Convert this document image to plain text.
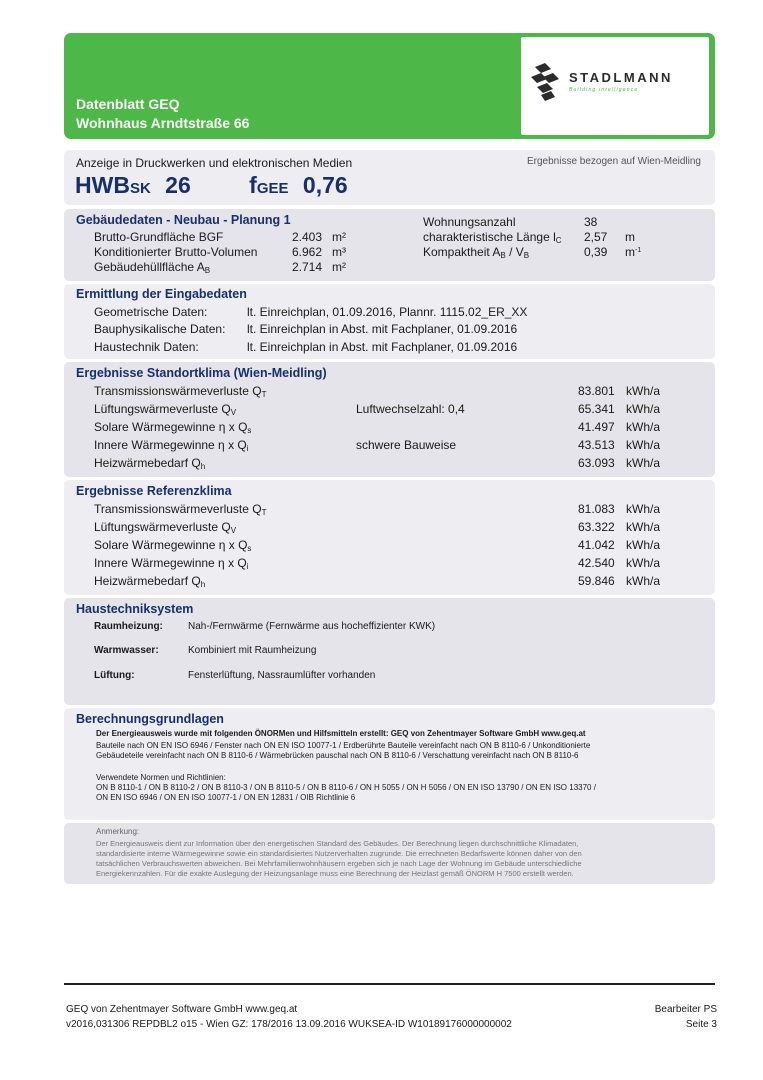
Datenblatt GEQ
Wohnhaus Arndtstraße 66
STADLMANN
Building intelligence
Anzeige in Druckwerken und elektronischen Medien	Ergebnisse bezogen auf Wien-Meidling
HWBSK 26	fGEE 0,76
Gebäudedaten - Neubau - Planung 1
Brutto-Grundfläche BGF	2.403 m²
Konditionierter Brutto-Volumen	6.962 m³
Gebäudehüllfläche AB	2.714 m²
Wohnungsanzahl	38
charakteristische Länge lC 2,57 m
Kompaktheit AB / VB	0,39 $m^{-1}$
Ermittlung der Eingabedaten
Geometrische Daten:	lt. Einreichplan, 01.09.2016, Plannr. 1115.02_ER_XX
Bauphysikalische Daten: lt. Einreichplan in Abst. mit Fachplaner, 01.09.2016
Haustechnik Daten:	lt. Einreichplan in Abst. mit Fachplaner, 01.09.2016
Ergebnisse Standortklima (Wien-Meidling)
Transmissionswärmeverluste QT	83.801 kWh/a
Lüftungswärmeverluste QV	Luftwechselzahl: 0,4	65.341 kWh/a
Solare Wärmegewinne η x Qs	41.497 kWh/a
Innere Wärmegewinne η x Qi	schwere Bauweise	43.513 kWh/a
Heizwärmebedarf Qh	63.093 kWh/a
Ergebnisse Referenzklima
Transmissionswärmeverluste QT	81.083 kWh/a
Lüftungswärmeverluste QV	63.322 kWh/a
Solare Wärmegewinne η x Qs	41.042 kWh/a
Innere Wärmegewinne η x Qi	42.540 kWh/a
Heizwärmebedarf Qh	59.846 kWh/a
Haustechniksystem
Raumheizung:	Nah-/Fernwärme (Fernwärme aus hocheffizienter KWK)
Warmwasser:	Kombiniert mit Raumheizung
Lüftung:	Fensterlüftung, Nassraumlüfter vorhanden
Berechnungsgrundlagen
Der Energieausweis wurde mit folgenden ÖNORMen und Hilfsmitteln erstellt: GEQ von Zehentmayer Software GmbH www.geq.at
Bauteile nach ON EN ISO 6946 / Fenster nach ON EN ISO 10077-1 / Erdberührte Bauteile vereinfacht nach ON B 8110-6 / Unkonditionierte
Gebäudeteile vereinfacht nach ON B 8110-6 / Wärmebrücken pauschal nach ON B 8110-6 / Verschattung vereinfacht nach ON B 8110-6
Verwendete Normen und Richtlinien:
ON B 8110-1 / ON B 8110-2 / ON B 8110-3 / ON B 8110-5 / ON B 8110-6 / ON H 5055 / ON H 5056 / ON EN ISO 13790 / ON EN ISO 13370 /
ON EN ISO 6946 / ON EN ISO 10077-1 / ON EN 12831 / OIB Richtlinie 6
Anmerkung:
Der Energieausweis dient zur Information über den energetischen Standard des Gebäudes. Der Berechnung liegen durchschnittliche Klimadaten,
standardisierte interne Wärmegewinne sowie ein standardisiertes Nutzerverhalten zugrunde. Die errechneten Bedarfswerte können daher von den
tatsächlichen Verbrauchswerten abweichen. Bei Mehrfamilienwohnhäusern ergeben sich je nach Lage der Wohnung im Gebäude unterschiedliche
Energiekennzahlen. Für die exakte Auslegung der Heizungsanlage muss eine Berechnung der Heizlast gemäß ÖNORM H 7500 erstellt werden.
GEQ von Zehentmayer Software GmbH www.geq.at
v2016,031306 REPDBL2 o15 - Wien GZ: 178/2016 13.09.2016 WUKSEA-ID W10189176000000002
Bearbeiter PS
Seite 3
